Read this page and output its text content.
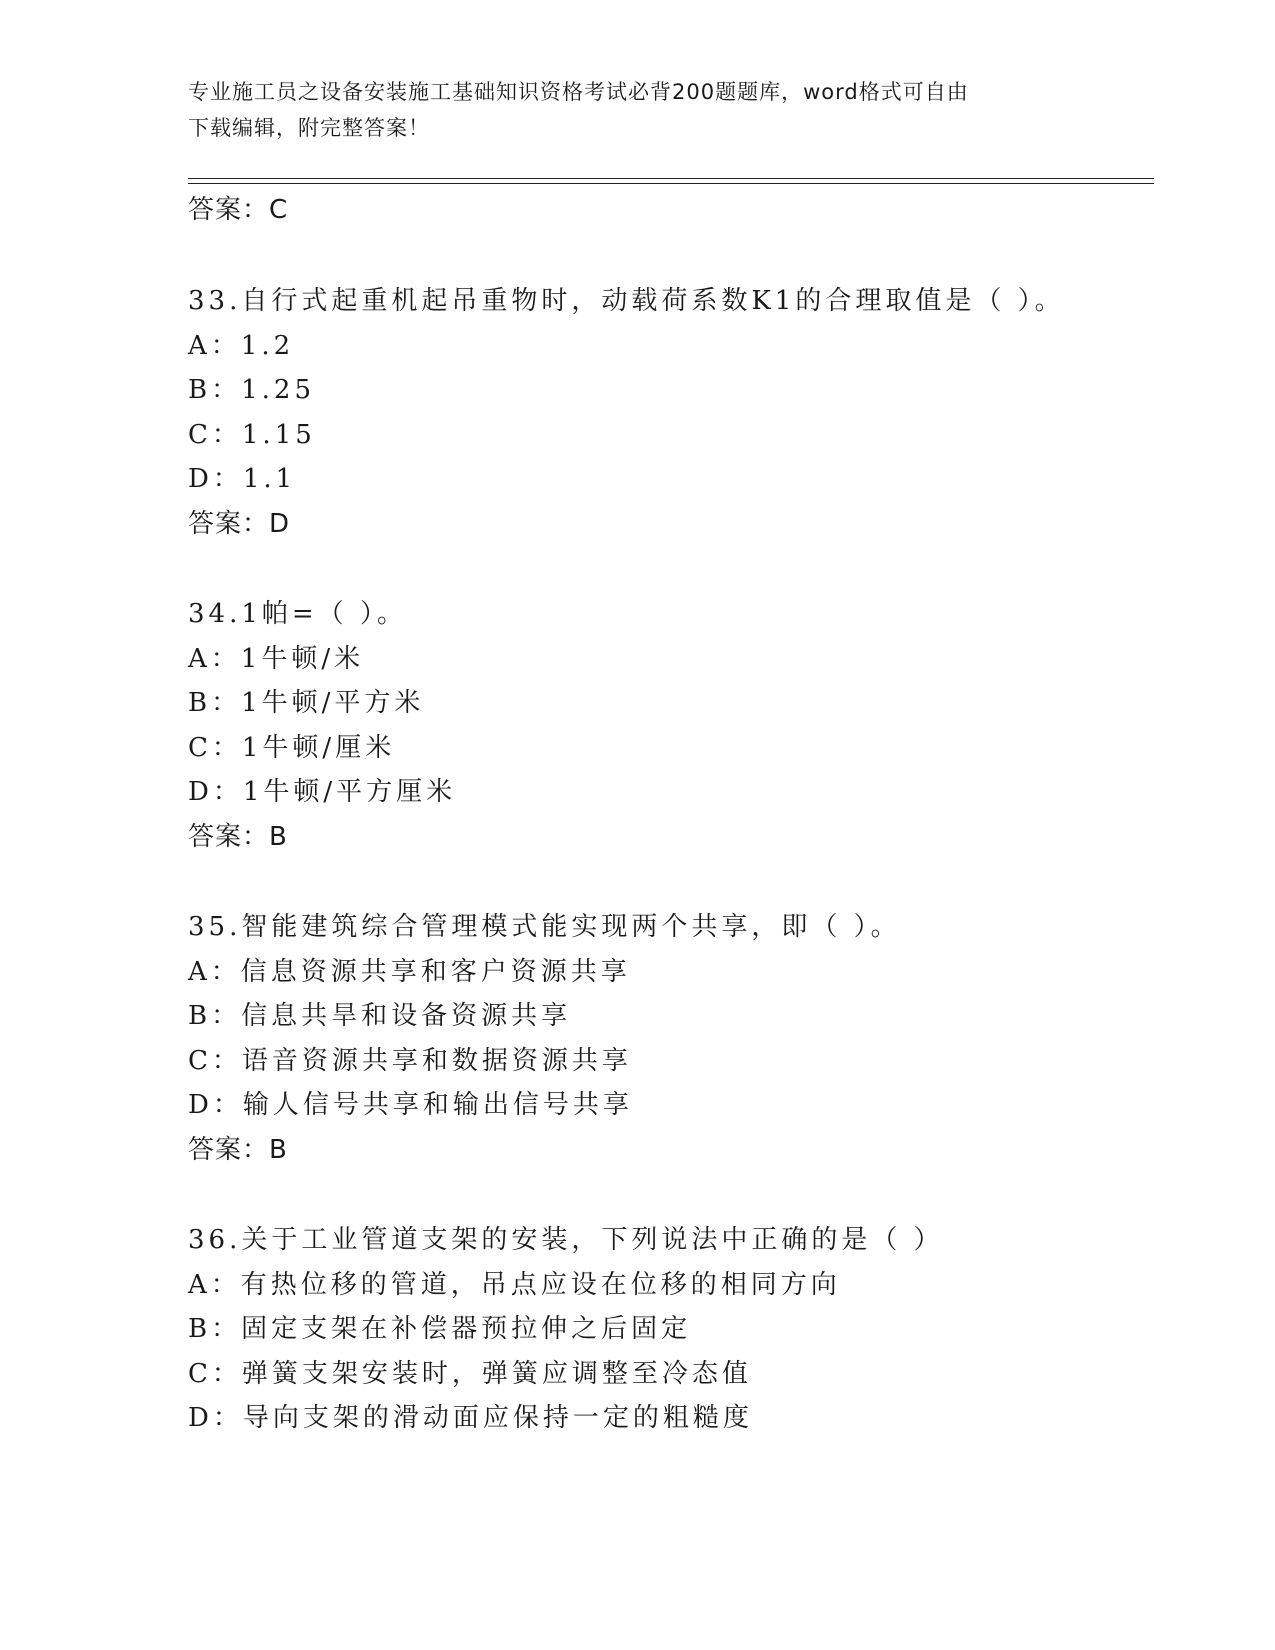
专业施工员之设备安装施工基础知识资格考试必背200题题库，word格式可自由
下载编辑，附完整答案！
答案：C
33.自行式起重机起吊重物时，动载荷系数K1的合理取值是（ ）。
A：1.2
B：1.25
C：1.15
D：1.1
答案：D
34.1帕=（ ）。
A：1牛顿/米
B：1牛顿/平方米
C：1牛顿/厘米
D：1牛顿/平方厘米
答案：B
35.智能建筑综合管理模式能实现两个共享，即（ ）。
A：信息资源共享和客户资源共享
B：信息共旱和设备资源共享
C：语音资源共享和数据资源共享
D：输人信号共享和输出信号共享
答案：B
36.关于工业管道支架的安装，下列说法中正确的是（ ）
A：有热位移的管道，吊点应设在位移的相同方向
B：固定支架在补偿器预拉伸之后固定
C：弹簧支架安装时，弹簧应调整至冷态值
D：导向支架的滑动面应保持一定的粗糙度
